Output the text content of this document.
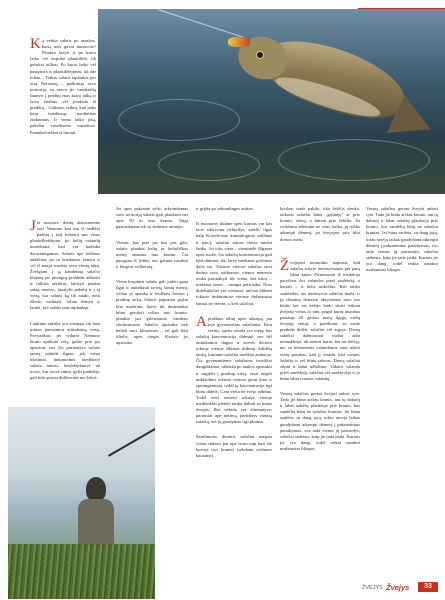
Ką veikia salatis po ataakos, kurią mes gavai masavote? Plaukia kolyn ir po kurio laiko vėl atsprūai plaukiltelt, tik gerokai tolliau. Po kurio laiko vėl pasigirsta is plaukdelejimas, tik dar toliau... Taikas salatis taplaukis per visą Neimanų – pažkimąs savo teritoriją, sa arava jis vandenilią šaunyn į pradinį mas kratu talką ir laiva bažinis vėl pradeda iš pradžių... Galimas, taikrų, kad jiaks kaip tvankimąs medintiais ištikninais. Ir viena laiko jiką, pakeltai vasodiseno ronsėtuve. Panaikal-aiškai iš ituotai.

Jei nuosavo dienų atsisiunteme savi Nemuno kaa mu iš nedlkej padėjų į tulį trebettų nas visus plaukiškeištijom, po kelių valandų nuotekima, kad yra kažiaka daostemigames. Salatis upe kelbaus ankščiau, po to leisdamas žemyn ir vėl iš naujo tvaukia savo elestų takų. Žvelgiant į ją kandėtinę salačio klajonę po įmongtų praldeda aiškesti ir fulklos taktikas: lakstyti paukai salatį nererto, fazalylti pakeltį ir į tą vietą, kur salatis ką tik nauki, netu išledo, vadinasi, toliau žemyn ir laukti, kol salatis pats atplaukęs.

Laukimo taktika yra teisinga, tik šam mūsas paoisimiui atitinkamą vietą. Pavyzdžiui, jei vidurio Nemuno žiurio aptikotė vėią, galite prie jos apsistoti, nes čia pasitaukys salatis tamrą pabidit ilgiau, jek viena tikritmai, tinkamomis medžiotei salatis tamisi, berželeplantys už tovos, kur srovė rimta, gylis padidėja, gali būti geriau didžiavinti net kiūvė.

Jei upės pakrantė selsi, atkrimdamas savo teritoriją salatis gali plaukioti net apie 50 m nuo kranto. Taigi pasirinktume tik su sinkeme artinėje.

Vienas, kur prie jus bus pas gilu, salatis plaukia kelių ar kelioliškos metrų atstumu nuo kranto. Čia patogiau iš lydėti, nes galima naudoti ir lengvar volkeriuą.

Viena kryptimi salatis gali judėti gana ilgai ir nukeliauti keletą šimtų metrų, vėliau jo apsuka ir leidžiasi žemyn į pradinę taiką. Salatis paprastai grįžta kita maršrutu, kurio tik desimtukai būna geroka) toliau nuo kranto, plaukia jau gilesniuose vandens sluoksniuose. Salačio apsisuka tiek beliek nors klimetrais – tai gali būti tiltelis, upės vingis. Kartais jis apsisuka

ir grįžta po sekundinges atakos.

Iš nuosavos tikūme spėti kuriais yra kas nors tiktrivinu (tiltyrdys, salelė, ilgas kalp Kortelė-nuo krantologinio seklinas ir pan.), salačiai tokias vietas mielai lanko. Jei toks vieta – vienintelė šligame upės ruože, čia salačių koncentracija gali būti didesnė, tik, bevy medianis gretimas dalis tas. Tokiose vietose salačiai tarsi derina savo sritkomas: vienos mėnesio tenka pasitaikyti tik viena, bet kitos – mažesni vieno – trumpa pertrauka. Nors didelsalačiai yra vietiniai, taičiau būkeni tokiose tinkintinose vietose dažniausiai šimtai ne vienas, o keli salačiai.

Apražlaus eilinį upės atkarpą, jau joje gyvenančius salačiams. Kitu vertus, spėtis visada yra vietų, kur salačių koncentracija didesnė, nes dėl atitinkamos dugno ir srovės derinio tokioje vietoje šilkinai didesnį išdidžią tanką, kuriame salačiai medžiai atakuoja. Čia gyvenantiems salačiams teoriškai dangišdamai, užtenka po atakos apsisukti ir sugrįžti į pradinę vietą, visai negali nuklaidinti tokiose vietose gerai žino ir spiningautojai, todėl jų koncentracija irgi būna didelė. Gera vieta ne tvejo nebūna. Todėl nevi neeesti tokioje vietoje medžioklės plėtele terika dalinti su kitais žvejais. Bet vėžada yra alternatyva: paraustai upe nėrimą, parinktys vientią salačių, net jų gaudymas irgi įdomus.

Sarelimotis direntis salačiai mėgsta vietas dažnos pat upe istrio taip kuri šie buvoja trys krantai (sekdami sėdinėse kautame).

krislaai saulė pakilo, tiko šešėlis slenka, taikasis salačiai būna „griūtėję" ar prie kranto, vieną, o būtent prie šešėlio. Sa veikšimu sebėtami ne vien, kalba, jų ryklis atkreipti dėmesį, jei žvejojate prie tilto dienos metu.

Žvejojant nesantiku naprasti, kad salačių srityje intensyvumas per parą labai kinta. Pirmiausiai iš medžioja paryčiais dvi valandos prieš saulėtekį, o kartais – ir kelis miksčius. Kiti atrūsi saulėtekis, tas intensyvus salačiai maža, ir jų išmainą išdarytu aktyvumas nors tuo būdu, bet tas kėlėjo laido skirti teikiau žvejotų vietas (a tam, pagal kurių atstobus pastaręs 20 geriau matų ilgųjų viešų žvejojų vietų), o paieškant, su saule pradeda didėti, salačiai vėl atgyja. Dieną salačiai dažniausiai mažai arba nemedžioja, tik nenori kartu, bet tas kėlėją, nei su kelionėmis valandomis tatai užeiti vietų pasakas, kad jį visada, kad vienas. Salačių ir vėl būna sašaras. Dieną salačiai silpni ir labai užšalimo. Vakaro valanda prieš saulėlydį, salačiai vėl suaktyvėja ir jo būna labai tvaraus valandų.

Vasarą salačius geriau žvejoti anksti ryte. Tada jie būna arčiau kranto, ant tų dabartį ir labai salačių plaukioja prie kranto, kur sandėlių būtų ne salačiui krantas. Jei būna saulėta, su daug jojų, tokiu atveju laikas gaudydami atkreipti dėmesį į pakrantinius pataikymus, vos tada vienas jų pasirodys, salačiai stebėsis, kaip jie tada jauki. Kartais jie yra daug, todėl reikia naudoti mažiausias blizges.

Vasarą salačius geriau žvejoti anksti ryte. Tada jie būna arčiau kranto, ant tų dabartį ir labai salačių plaukioja prie kranto, kur sandėlių būtų ne salačiui krantas. Jei būna saulėta, su daug jojų, tokiu atveju laikas gaudydami atkreipti dėmesį į pakrantinius pataikymus, vos tada vienas jų pasirodys, salačiai stebėsis, kaip jie tada jauki. Kartais jie yra daug, todėl reikia naudoti mažiausias blizges.

ŽVEJYS Žvejys	33
